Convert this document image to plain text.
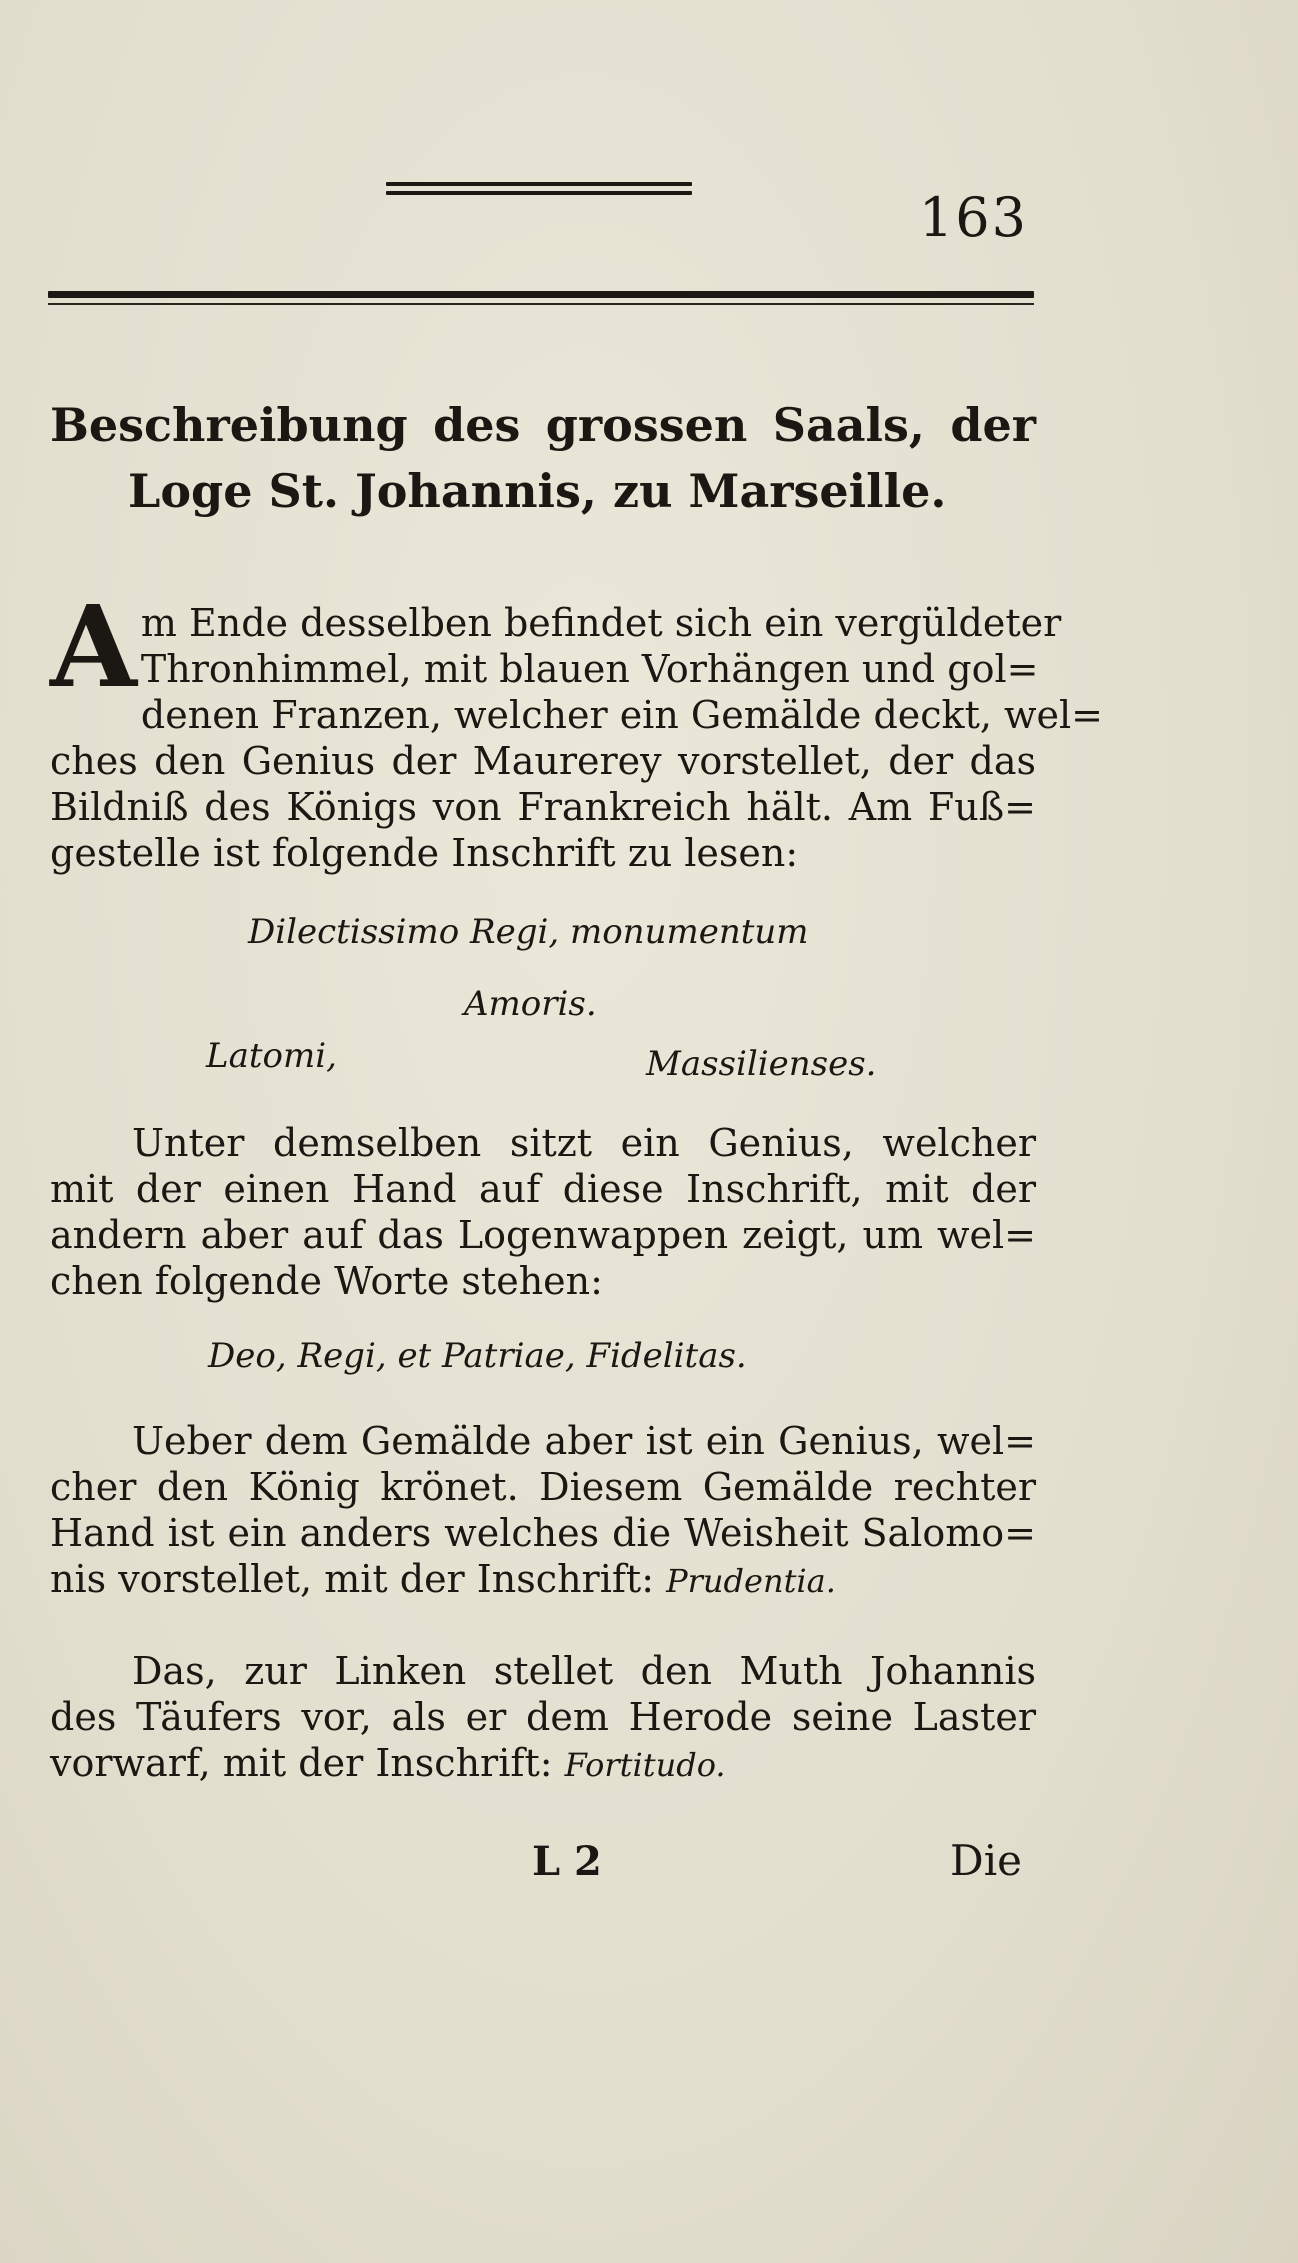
163
Beschreibung des grossen Saals, der
Loge St. Johannis, zu Marseille.
A m Ende desselben befindet sich ein vergüldeter
Thronhimmel, mit blauen Vorhängen und gol=
denen Franzen, welcher ein Gemälde deckt, wel=
ches den Genius der Maurerey vorstellet, der das
Bildniß des Königs von Frankreich hält. Am Fuß=
gestelle ist folgende Inschrift zu lesen:
Dilectissimo Regi, monumentum
Amoris.
Latomi,	Massilienses.
Unter demselben sitzt ein Genius, welcher
mit der einen Hand auf diese Inschrift, mit der
andern aber auf das Logenwappen zeigt, um wel=
chen folgende Worte stehen:
Deo, Regi, et Patriae, Fidelitas.
Ueber dem Gemälde aber ist ein Genius, wel=
cher den König krönet. Diesem Gemälde rechter
Hand ist ein anders welches die Weisheit Salomo=
nis vorstellet, mit der Inschrift: Prudentia.
Das, zur Linken stellet den Muth Johannis
des Täufers vor, als er dem Herode seine Laster
vorwarf, mit der Inschrift: Fortitudo.
L 2	Die
